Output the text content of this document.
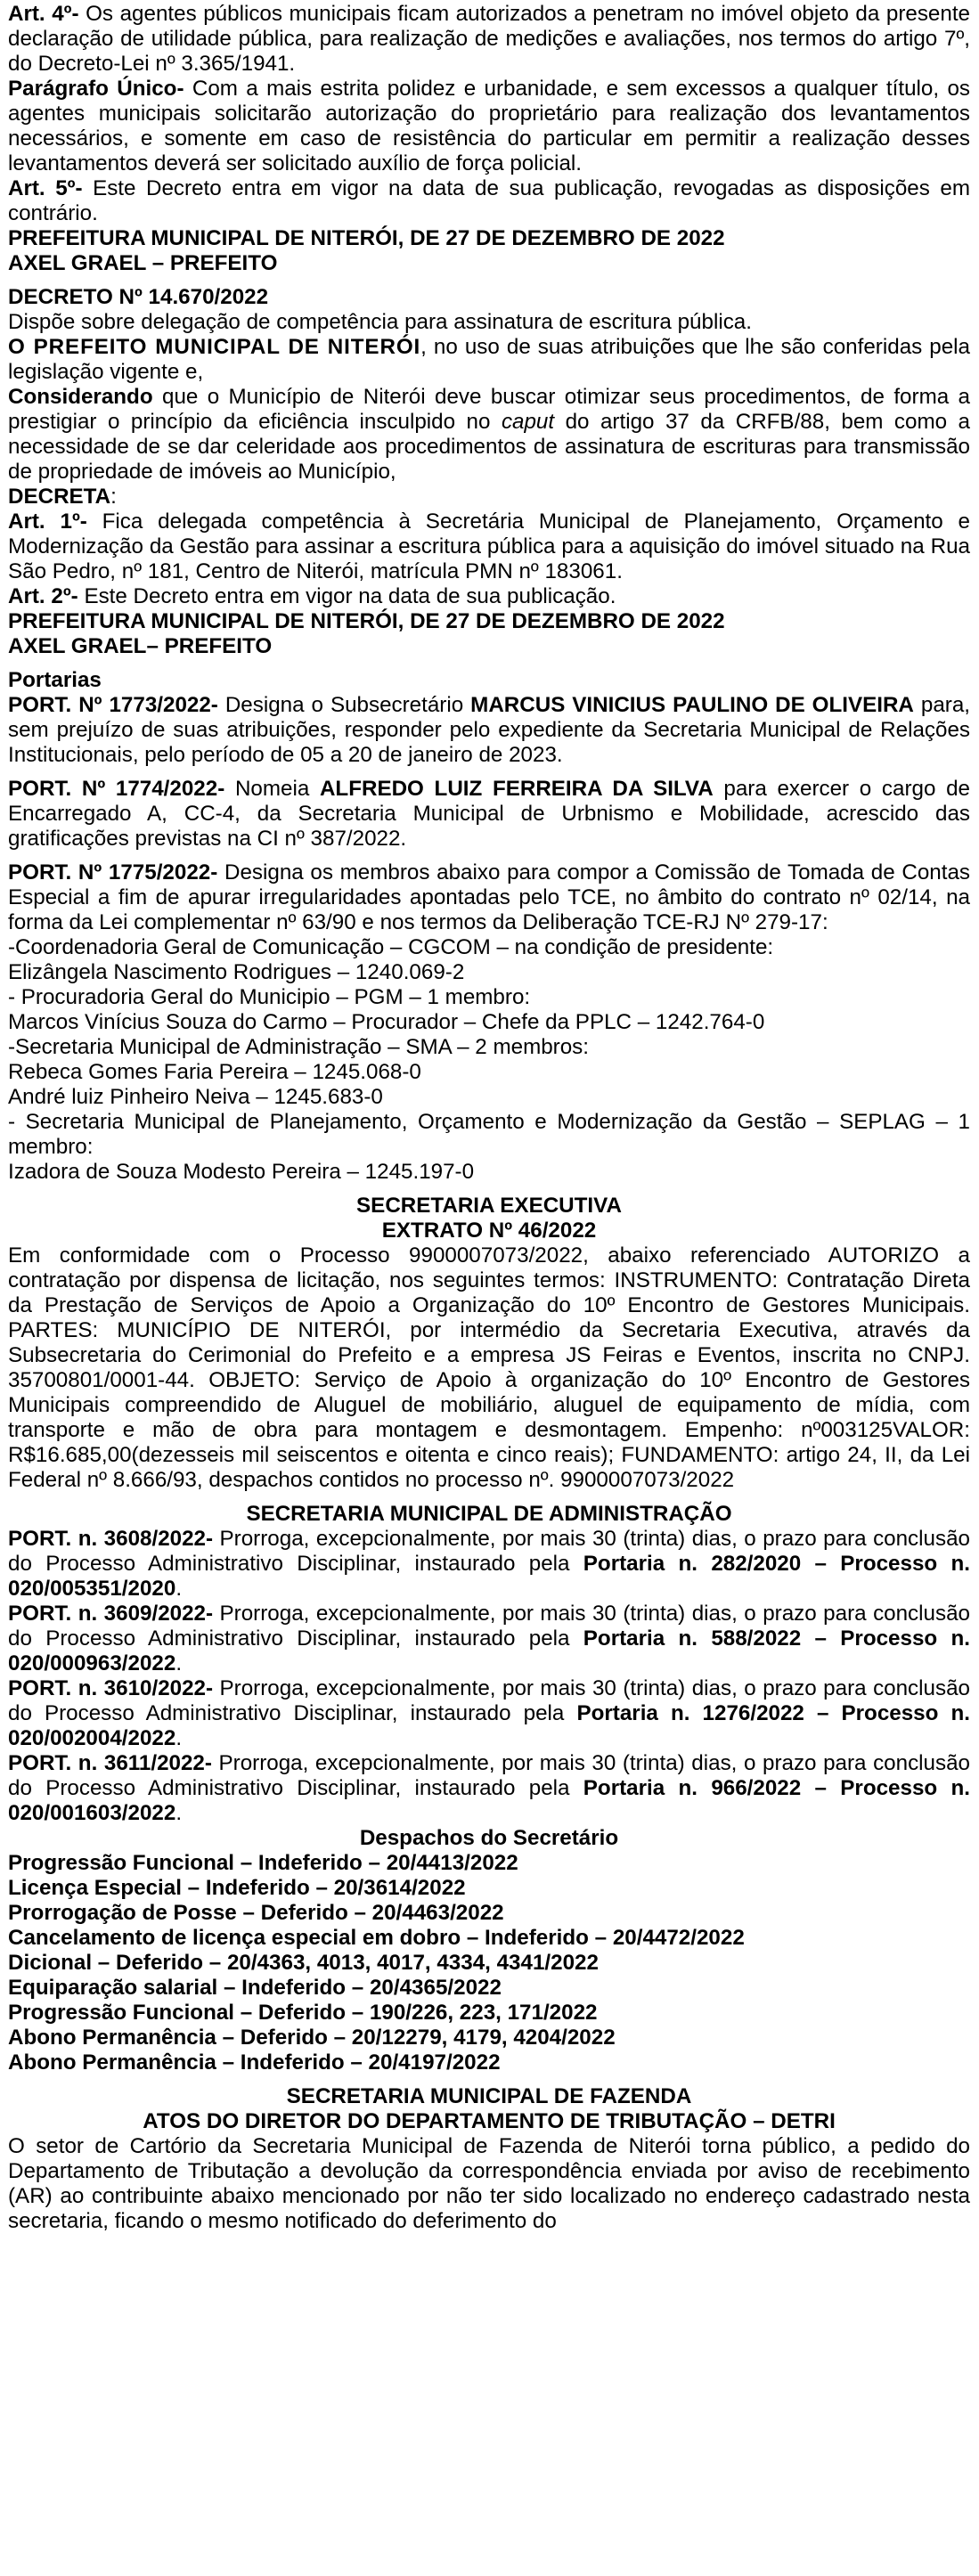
Art. 4º- Os agentes públicos municipais ficam autorizados a penetram no imóvel objeto da presente declaração de utilidade pública, para realização de medições e avaliações, nos termos do artigo 7º, do Decreto-Lei nº 3.365/1941.

Parágrafo Único- Com a mais estrita polidez e urbanidade, e sem excessos a qualquer título, os agentes municipais solicitarão autorização do proprietário para realização dos levantamentos necessários, e somente em caso de resistência do particular em permitir a realização desses levantamentos deverá ser solicitado auxílio de força policial.

Art. 5º- Este Decreto entra em vigor na data de sua publicação, revogadas as disposições em contrário.

PREFEITURA MUNICIPAL DE NITERÓI, DE 27 DE DEZEMBRO DE 2022

AXEL GRAEL – PREFEITO

DECRETO Nº 14.670/2022

Dispõe sobre delegação de competência para assinatura de escritura pública.

O PREFEITO MUNICIPAL DE NITERÓI, no uso de suas atribuições que lhe são conferidas pela legislação vigente e,

Considerando que o Município de Niterói deve buscar otimizar seus procedimentos, de forma a prestigiar o princípio da eficiência insculpido no caput do artigo 37 da CRFB/88, bem como a necessidade de se dar celeridade aos procedimentos de assinatura de escrituras para transmissão de propriedade de imóveis ao Município,

DECRETA:

Art. 1º- Fica delegada competência à Secretária Municipal de Planejamento, Orçamento e Modernização da Gestão para assinar a escritura pública para a aquisição do imóvel situado na Rua São Pedro, nº 181, Centro de Niterói, matrícula PMN nº 183061.

Art. 2º- Este Decreto entra em vigor na data de sua publicação.

PREFEITURA MUNICIPAL DE NITERÓI, DE 27 DE DEZEMBRO DE 2022

AXEL GRAEL– PREFEITO

Portarias

PORT. Nº 1773/2022- Designa o Subsecretário MARCUS VINICIUS PAULINO DE OLIVEIRA para, sem prejuízo de suas atribuições, responder pelo expediente da Secretaria Municipal de Relações Institucionais, pelo período de 05 a 20 de janeiro de 2023.

PORT. Nº 1774/2022- Nomeia ALFREDO LUIZ FERREIRA DA SILVA para exercer o cargo de Encarregado A, CC-4, da Secretaria Municipal de Urbnismo e Mobilidade, acrescido das gratificações previstas na CI nº 387/2022.

PORT. Nº 1775/2022- Designa os membros abaixo para compor a Comissão de Tomada de Contas Especial a fim de apurar irregularidades apontadas pelo TCE, no âmbito do contrato nº 02/14, na forma da Lei complementar nº 63/90 e nos termos da Deliberação TCE-RJ Nº 279-17:

-Coordenadoria Geral de Comunicação – CGCOM – na condição de presidente:

Elizângela Nascimento Rodrigues – 1240.069-2

- Procuradoria Geral do Municipio – PGM – 1 membro:

Marcos Vinícius Souza do Carmo – Procurador – Chefe da PPLC – 1242.764-0

-Secretaria Municipal de Administração – SMA – 2 membros:

Rebeca Gomes Faria Pereira – 1245.068-0

André luiz Pinheiro Neiva – 1245.683-0

- Secretaria Municipal de Planejamento, Orçamento e Modernização da Gestão – SEPLAG – 1 membro:

Izadora de Souza Modesto Pereira – 1245.197-0

SECRETARIA EXECUTIVA

EXTRATO Nº 46/2022

Em conformidade com o Processo 9900007073/2022, abaixo referenciado AUTORIZO a contratação por dispensa de licitação, nos seguintes termos: INSTRUMENTO: Contratação Direta da Prestação de Serviços de Apoio a Organização do 10º Encontro de Gestores Municipais. PARTES: MUNICÍPIO DE NITERÓI, por intermédio da Secretaria Executiva, através da Subsecretaria do Cerimonial do Prefeito e a empresa JS Feiras e Eventos, inscrita no CNPJ. 35700801/0001-44. OBJETO: Serviço de Apoio à organização do 10º Encontro de Gestores Municipais compreendido de Aluguel de mobiliário, aluguel de equipamento de mídia, com transporte e mão de obra para montagem e desmontagem. Empenho: nº003125VALOR: R$16.685,00(dezesseis mil seiscentos e oitenta e cinco reais); FUNDAMENTO: artigo 24, II, da Lei Federal nº 8.666/93, despachos contidos no processo nº. 9900007073/2022

SECRETARIA MUNICIPAL DE ADMINISTRAÇÃO

PORT. n. 3608/2022- Prorroga, excepcionalmente, por mais 30 (trinta) dias, o prazo para conclusão do Processo Administrativo Disciplinar, instaurado pela Portaria n. 282/2020 – Processo n. 020/005351/2020.

PORT. n. 3609/2022- Prorroga, excepcionalmente, por mais 30 (trinta) dias, o prazo para conclusão do Processo Administrativo Disciplinar, instaurado pela Portaria n. 588/2022 – Processo n. 020/000963/2022.

PORT. n. 3610/2022- Prorroga, excepcionalmente, por mais 30 (trinta) dias, o prazo para conclusão do Processo Administrativo Disciplinar, instaurado pela Portaria n. 1276/2022 – Processo n. 020/002004/2022.

PORT. n. 3611/2022- Prorroga, excepcionalmente, por mais 30 (trinta) dias, o prazo para conclusão do Processo Administrativo Disciplinar, instaurado pela Portaria n. 966/2022 – Processo n. 020/001603/2022.

Despachos do Secretário

Progressão Funcional – Indeferido – 20/4413/2022

Licença Especial – Indeferido – 20/3614/2022

Prorrogação de Posse – Deferido – 20/4463/2022

Cancelamento de licença especial em dobro – Indeferido – 20/4472/2022

Dicional – Deferido – 20/4363, 4013, 4017, 4334, 4341/2022

Equiparação salarial – Indeferido – 20/4365/2022

Progressão Funcional – Deferido – 190/226, 223, 171/2022

Abono Permanência – Deferido – 20/12279, 4179, 4204/2022

Abono Permanência – Indeferido – 20/4197/2022

SECRETARIA MUNICIPAL DE FAZENDA

ATOS DO DIRETOR DO DEPARTAMENTO DE TRIBUTAÇÃO – DETRI

O setor de Cartório da Secretaria Municipal de Fazenda de Niterói torna público, a pedido do Departamento de Tributação a devolução da correspondência enviada por aviso de recebimento (AR) ao contribuinte abaixo mencionado por não ter sido localizado no endereço cadastrado nesta secretaria, ficando o mesmo notificado do deferimento do
